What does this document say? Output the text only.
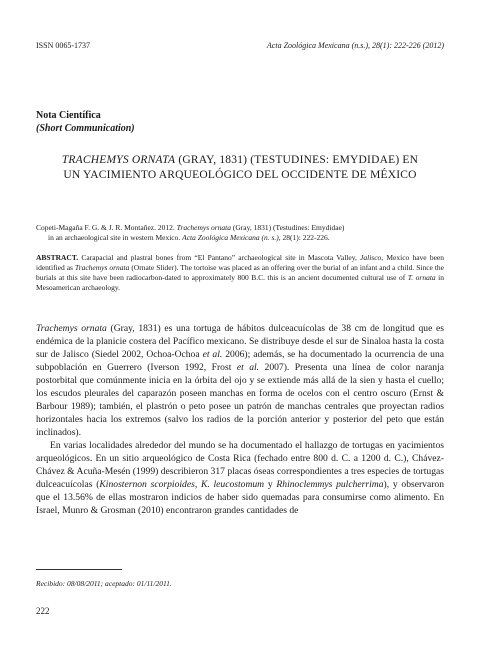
ISSN 0065-1737	Acta Zoológica Mexicana (n.s.), 28(1): 222-226 (2012)
Nota Científica
(Short Communication)
TRACHEMYS ORNATA (GRAY, 1831) (TESTUDINES: EMYDIDAE) EN UN YACIMIENTO ARQUEOLÓGICO DEL OCCIDENTE DE MÉXICO
Copeti-Magaña F. G. & J. R. Montañez. 2012. Trachemys ornata (Gray, 1831) (Testudines: Emydidae)
in an archaeological site in western Mexico. Acta Zoológica Mexicana (n. s.), 28(1): 222-226.
ABSTRACT. Carapacial and plastral bones from “El Pantano” archaeological site in Mascota Valley, Jalisco, Mexico have been identified as Trachemys ornata (Ornate Slider). The tortoise was placed as an offering over the burial of an infant and a child. Since the burials at this site have been radiocarbon-dated to approximately 800 B.C. this is an ancient documented cultural use of T. ornata in Mesoamerican archaeology.

Trachemys ornata (Gray, 1831) es una tortuga de hábitos dulceacuícolas de 38 cm de longitud que es endémica de la planicie costera del Pacífico mexicano. Se distribuye desde el sur de Sinaloa hasta la costa sur de Jalisco (Siedel 2002, Ochoa-Ochoa et al. 2006); además, se ha documentado la ocurrencia de una subpoblación en Guerrero (Iverson 1992, Frost et al. 2007). Presenta una línea de color naranja postorbital que comúnmente inicia en la órbita del ojo y se extiende más allá de la sien y hasta el cuello; los escudos pleurales del caparazón poseen manchas en forma de ocelos con el centro oscuro (Ernst & Barbour 1989); también, el plastrón o peto posee un patrón de manchas centrales que proyectan radios horizontales hacia los extremos (salvo los radios de la porción anterior y posterior del peto que están inclinados).

En varias localidades alrededor del mundo se ha documentado el hallazgo de tortugas en yacimientos arqueológicos. En un sitio arqueológico de Costa Rica (fechado entre 800 d. C. a 1200 d. C.), Chávez-Chávez & Acuña-Mesén (1999) describieron 317 placas óseas correspondientes a tres especies de tortugas dulceacuícolas (Kinosternon scorpioides, K. leucostomum y Rhinoclemmys pulcherrima), y observaron que el 13.56% de ellas mostraron indicios de haber sido quemadas para consumirse como alimento. En Israel, Munro & Grosman (2010) encontraron grandes cantidades de

Recibido: 08/08/2011; aceptado: 01/11/2011.
222
